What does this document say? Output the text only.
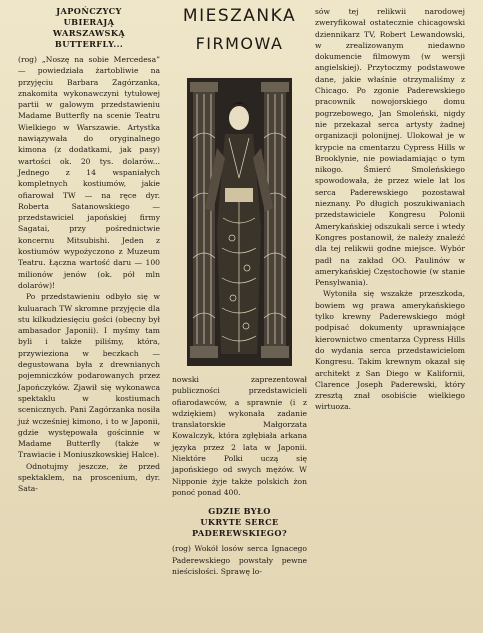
JAPOŃCZYCY
UBIERAJĄ
WARSZAWSKĄ
BUTTERFLY...

(rog) „Noszę na sobie Mercedesa” — powiedziała żartobliwie na przyjęciu Barbara Zagórzanka, znakomita wykonawczyni tytułowej partii w galowym przedstawieniu Madame Butterfly na scenie Teatru Wielkiego w Warszawie. Artystka nawiązywała do oryginalnego kimona (z dodatkami, jak pasy) wartości ok. 20 tys. dolarów... Jednego z 14 wspaniałych kompletnych kostiumów, jakie ofiarował TW — na ręce dyr. Roberta Satanowskiego — przedstawiciel japońskiej firmy Sagatai, przy pośrednictwie koncernu Mitsubishi. Jeden z kostiumów wypożyczono z Muzeum Teatru. Łączna wartość daru — 100 milionów jenów (ok. pół mln dolarów)!

Po przedstawieniu odbyło się w kuluarach TW skromne przyjęcie dla stu kilkudziesięciu gości (obecny był ambasador Japonii). I myśmy tam byli i także piliśmy, która, przywieziona w beczkach — degustowana była z drewnianych pojemniczków podarowanych przez Japończyków. Zjawił się wykonawca spektaklu w kostiumach scenicznych. Pani Zagórzanka nosiła już wcześniej kimono, i to w Japonii, gdzie występowała gościnnie w Madame Butterfly (także w Trawiacie i Moniuszkowskiej Halce).

Odnotujmy jeszcze, że przed spektaklem, na proscenium, dyr. Sata-

MIESZANKA
FIRMOWA

nowski zaprezentował publiczności przedstawicieli ofiarodawców, a sprawnie (i z wdziękiem) wykonała zadanie translatorskie Małgorzata Kowalczyk, która zgłębiała arkana języka przez 2 lata w Japonii. Niektóre Polki uczą się japońskiego od swych mężów. W Nipponie żyje także polskich żon ponoć ponad 400.

GDZIE BYŁO
UKRYTE SERCE
PADEREWSKIEGO?

(rog) Wokół losów serca Ignacego Paderewskiego powstały pewne nieścisłości. Sprawę lo-

sów tej relikwii narodowej zweryfikował ostatecznie chicagowski dziennikarz TV, Robert Lewandowski, w zrealizowanym niedawno dokumencie filmowym (w wersji angielskiej). Przytoczmy podstawowe dane, jakie właśnie otrzymaliśmy z Chicago. Po zgonie Paderewskiego pracownik nowojorskiego domu pogrzebowego, Jan Smoleński, nigdy nie przekazał serca artysty żadnej organizacji polonijnej. Ulokował je w krypcie na cmentarzu Cypress Hills w Brooklynie, nie powiadamiając o tym nikogo. Śmierć Smoleńskiego spowodowała, że przez wiele lat los serca Paderewskiego pozostawał nieznany. Po długich poszukiwaniach przedstawiciele Kongresu Polonii Amerykańskiej odszukali serce i wtedy Kongres postanowił, że należy znaleźć dla tej relikwii godne miejsce. Wybór padł na zakład OO. Paulinów w amerykańskiej Częstochowie (w stanie Pensylwania).

Wytoniła się wszakże przeszkoda, bowiem wg prawa amerykańskiego tylko krewny Paderewskiego mógł podpisać dokumenty uprawniające kierownictwo cmentarza Cypress Hills do wydania serca przedstawicielom Kongresu. Takim krewnym okazał się architekt z San Diego w Kalifornii, Clarence Joseph Paderewski, który zresztą znał osobiście wielkiego wirtuoza.
